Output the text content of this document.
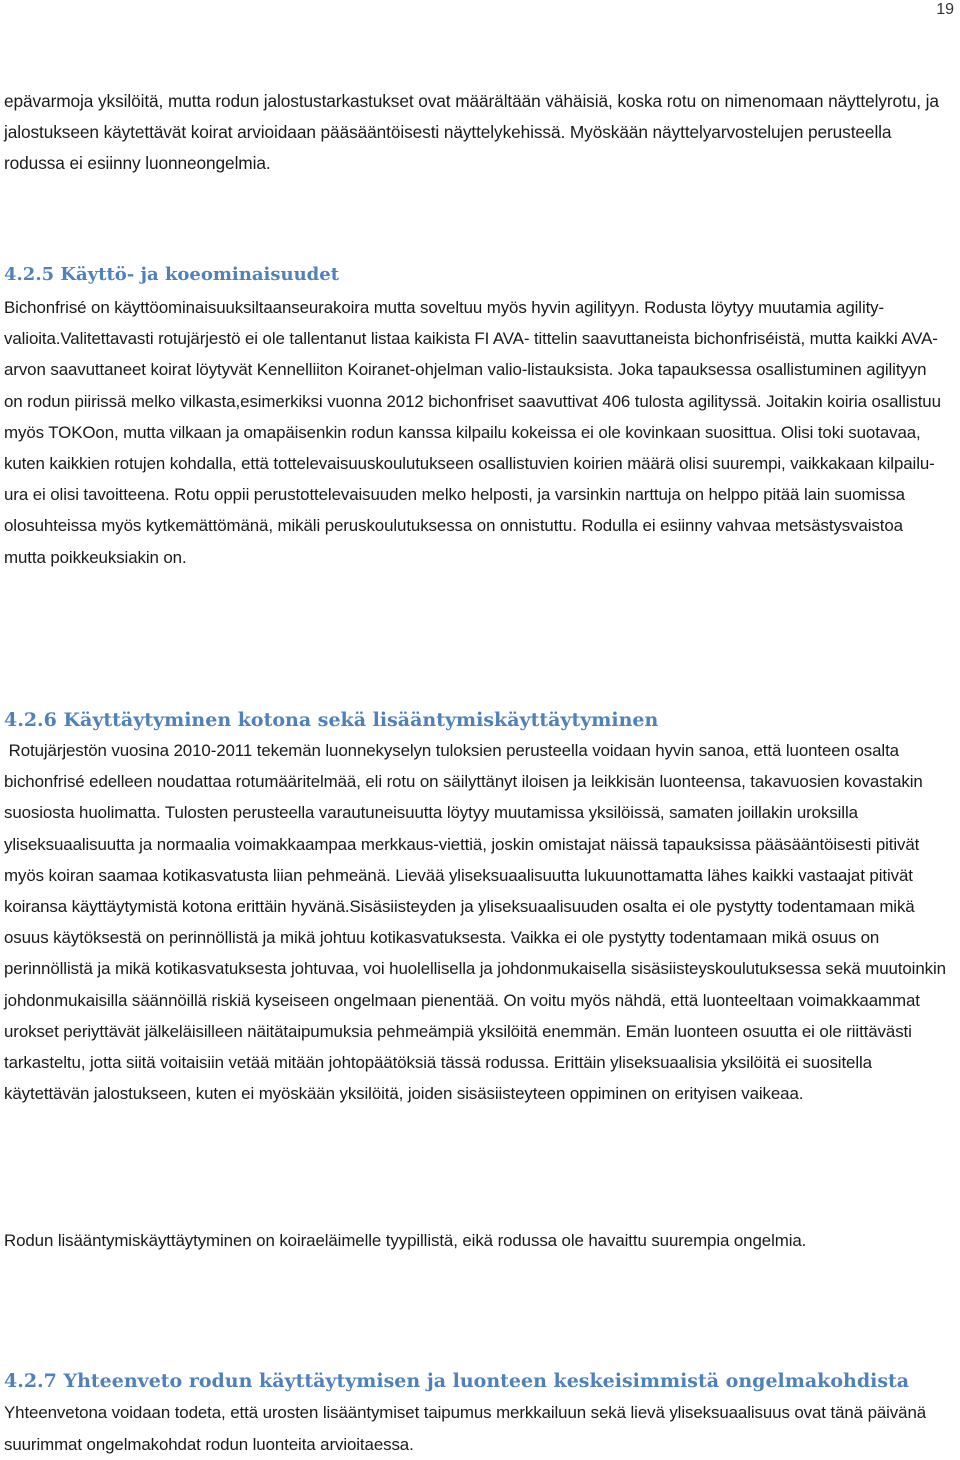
19

epävarmoja yksilöitä, mutta rodun jalostustarkastukset ovat määrältään vähäisiä, koska rotu on nimenomaan näyttelyrotu, ja jalostukseen käytettävät koirat arvioidaan pääsääntöisesti näyttelykehissä. Myöskään näyttelyarvostelujen perusteella rodussa ei esiinny luonneongelmia.

4.2.5 Käyttö- ja koeominaisuudet

Bichonfrisé on käyttöominaisuuksiltaanseurakoira mutta soveltuu myös hyvin agilityyn. Rodusta löytyy muutamia agility-valioita.Valitettavasti rotujärjestö ei ole tallentanut listaa kaikista FI AVA- tittelin saavuttaneista bichonfriséistä, mutta kaikki AVA-arvon saavuttaneet koirat löytyvät Kennelliiton Koiranet-ohjelman valio-listauksista. Joka tapauksessa osallistuminen agilityyn on rodun piirissä melko vilkasta,esimerkiksi vuonna 2012 bichonfriset saavuttivat 406 tulosta agilityssä. Joitakin koiria osallistuu myös TOKOon, mutta vilkaan ja omapäisenkin rodun kanssa kilpailu kokeissa ei ole kovinkaan suosittua. Olisi toki suotavaa, kuten kaikkien rotujen kohdalla, että tottelevaisuuskoulutukseen osallistuvien koirien määrä olisi suurempi, vaikkakaan kilpailu-ura ei olisi tavoitteena. Rotu oppii perustottelevaisuuden melko helposti, ja varsinkin narttuja on helppo pitää lain suomissa olosuhteissa myös kytkemättömänä, mikäli peruskoulutuksessa on onnistuttu. Rodulla ei esiinny vahvaa metsästysvaistoa mutta poikkeuksiakin on.

4.2.6 Käyttäytyminen kotona sekä lisääntymiskäyttäytyminen

Rotujärjestön vuosina 2010-2011 tekemän luonnekyselyn tuloksien perusteella voidaan hyvin sanoa, että luonteen osalta bichonfrisé edelleen noudattaa rotumääritelmää, eli rotu on säilyttänyt iloisen ja leikkisän luonteensa, takavuosien kovastakin suosiosta huolimatta. Tulosten perusteella varautuneisuutta löytyy muutamissa yksilöissä, samaten joillakin uroksilla yliseksuaalisuutta ja normaalia voimakkaampaa merkkaus-viettiä, joskin omistajat näissä tapauksissa pääsääntöisesti pitivät myös koiran saamaa kotikasvatusta liian pehmeänä. Lievää yliseksuaalisuutta lukuunottamatta lähes kaikki vastaajat pitivät koiransa käyttäytymistä kotona erittäin hyvänä.Sisäsiisteyden ja yliseksuaalisuuden osalta ei ole pystytty todentamaan mikä osuus käytöksestä on perinnöllistä ja mikä johtuu kotikasvatuksesta. Vaikka ei ole pystytty todentamaan mikä osuus on perinnöllistä ja mikä kotikasvatuksesta johtuvaa, voi huolellisella ja johdonmukaisella sisäsiisteyskoulutuksessa sekä muutoinkin johdonmukaisilla säännöillä riskiä kyseiseen ongelmaan pienentää. On voitu myös nähdä, että luonteeltaan voimakkaammat urokset periyttävät jälkeläisilleen näitätaipumuksia pehmeämpiä yksilöitä enemmän. Emän luonteen osuutta ei ole riittävästi tarkasteltu, jotta siitä voitaisiin vetää mitään johtopäätöksiä tässä rodussa. Erittäin yliseksuaalisia yksilöitä ei suositella käytettävän jalostukseen, kuten ei myöskään yksilöitä, joiden sisäsiisteyteen oppiminen on erityisen vaikeaa.

Rodun lisääntymiskäyttäytyminen on koiraeläimelle tyypillistä, eikä rodussa ole havaittu suurempia ongelmia.

4.2.7 Yhteenveto rodun käyttäytymisen ja luonteen keskeisimmistä ongelmakohdista

Yhteenvetona voidaan todeta, että urosten lisääntymiset taipumus merkkailuun sekä lievä yliseksuaalisuus ovat tänä päivänä suurimmat ongelmakohdat rodun luonteita arvioitaessa.
